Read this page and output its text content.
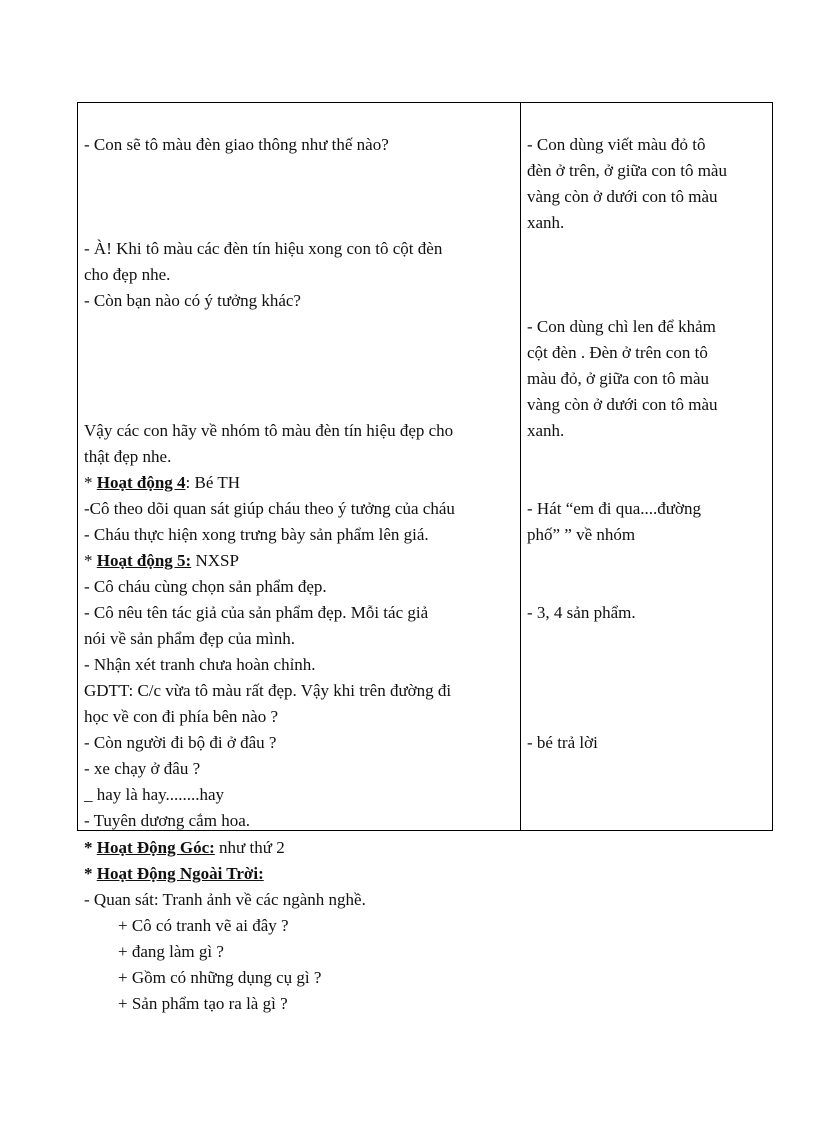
- Con sẽ tô màu đèn giao thông như thế nào?
- À! Khi tô màu các đèn tín hiệu xong con tô cột đèn
cho đẹp nhe.
- Còn bạn nào có ý tưởng khác?
Vậy các con hãy về nhóm tô màu đèn tín hiệu đẹp cho
thật đẹp nhe.
* Hoạt động 4: Bé TH
-Cô theo dõi quan sát giúp cháu theo ý tưởng của cháu
- Cháu thực hiện xong trưng bày sản phẩm lên giá.
* Hoạt động 5: NXSP
- Cô cháu cùng chọn sản phẩm đẹp.
- Cô nêu tên tác giả của sản phẩm đẹp. Mỗi tác giả
nói về sản phẩm đẹp của mình.
- Nhận xét tranh chưa hoàn chỉnh.
GDTT: C/c vừa tô màu rất đẹp. Vậy khi trên đường đi
học về con đi phía bên nào ?
- Còn người đi bộ đi ở đâu ?
- xe chạy ở đâu ?
_ hay là hay........hay
- Tuyên dương cắm hoa.
- Con dùng viết màu đỏ tô
đèn ở trên, ở giữa con tô màu
vàng còn ở dưới con tô màu
xanh.
- Con dùng chì len để khảm
cột đèn . Đèn ở trên con tô
màu đỏ, ở giữa con tô màu
vàng còn ở dưới con tô màu
xanh.
- Hát “em đi qua....đường
phố” ” về nhóm
- 3, 4 sản phẩm.
- bé trả lời
* Hoạt Động Góc: như thứ 2
* Hoạt Động Ngoài Trời:
- Quan sát: Tranh ảnh về các ngành nghề.
+ Cô có tranh vẽ ai đây ?
+ đang làm gì ?
+ Gồm có những dụng cụ gì ?
+ Sản phẩm tạo ra là gì ?
